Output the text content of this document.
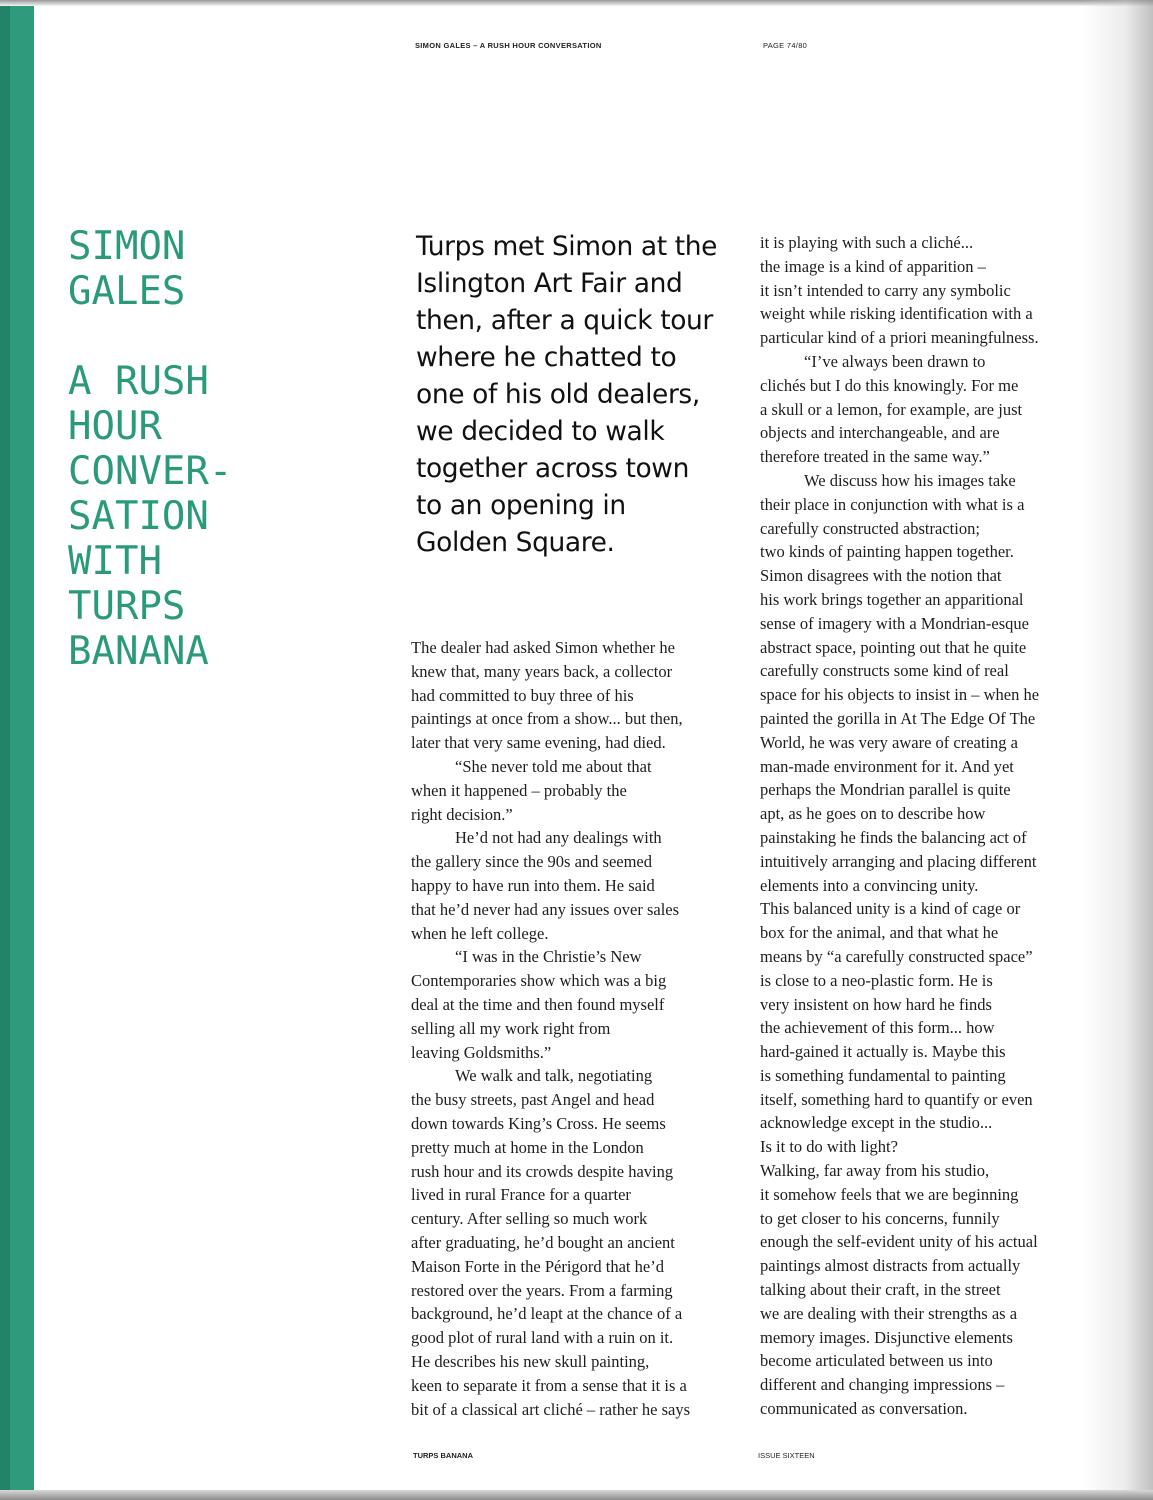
SIMON GALES – A RUSH HOUR CONVERSATION	PAGE 74/80
SIMON
GALES
A RUSH
HOUR
CONVER-
SATION
WITH
TURPS
BANANA
Turps met Simon at the
Islington Art Fair and
then, after a quick tour
where he chatted to
one of his old dealers,
we decided to walk
together across town
to an opening in
Golden Square.
The dealer had asked Simon whether he
knew that, many years back, a collector
had committed to buy three of his
paintings at once from a show... but then,
later that very same evening, had died.
“She never told me about that
when it happened – probably the
right decision.”
He’d not had any dealings with
the gallery since the 90s and seemed
happy to have run into them. He said
that he’d never had any issues over sales
when he left college.
“I was in the Christie’s New
Contemporaries show which was a big
deal at the time and then found myself
selling all my work right from
leaving Goldsmiths.”
We walk and talk, negotiating
the busy streets, past Angel and head
down towards King’s Cross. He seems
pretty much at home in the London
rush hour and its crowds despite having
lived in rural France for a quarter
century. After selling so much work
after graduating, he’d bought an ancient
Maison Forte in the Périgord that he’d
restored over the years. From a farming
background, he’d leapt at the chance of a
good plot of rural land with a ruin on it.
He describes his new skull painting,
keen to separate it from a sense that it is a
bit of a classical art cliché – rather he says
it is playing with such a cliché...
the image is a kind of apparition –
it isn’t intended to carry any symbolic
weight while risking identification with a
particular kind of a priori meaningfulness.
“I’ve always been drawn to
clichés but I do this knowingly. For me
a skull or a lemon, for example, are just
objects and interchangeable, and are
therefore treated in the same way.”
We discuss how his images take
their place in conjunction with what is a
carefully constructed abstraction;
two kinds of painting happen together.
Simon disagrees with the notion that
his work brings together an apparitional
sense of imagery with a Mondrian-esque
abstract space, pointing out that he quite
carefully constructs some kind of real
space for his objects to insist in – when he
painted the gorilla in At The Edge Of The
World, he was very aware of creating a
man-made environment for it. And yet
perhaps the Mondrian parallel is quite
apt, as he goes on to describe how
painstaking he finds the balancing act of
intuitively arranging and placing different
elements into a convincing unity.
This balanced unity is a kind of cage or
box for the animal, and that what he
means by “a carefully constructed space”
is close to a neo-plastic form. He is
very insistent on how hard he finds
the achievement of this form... how
hard-gained it actually is. Maybe this
is something fundamental to painting
itself, something hard to quantify or even
acknowledge except in the studio...
Is it to do with light?
Walking, far away from his studio,
it somehow feels that we are beginning
to get closer to his concerns, funnily
enough the self-evident unity of his actual
paintings almost distracts from actually
talking about their craft, in the street
we are dealing with their strengths as a
memory images. Disjunctive elements
become articulated between us into
different and changing impressions –
communicated as conversation.
TURPS BANANA	ISSUE SIXTEEN
